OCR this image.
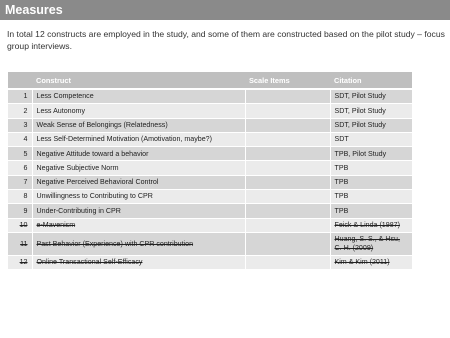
Measures
In total 12 constructs are employed in the study, and some of them are constructed based on the pilot study – focus group interviews.
	Construct	Scale Items	Citation
1	Less Competence		SDT, Pilot Study
2	Less Autonomy		SDT, Pilot Study
3	Weak Sense of Belongings (Relatedness)		SDT, Pilot Study
4	Less Self-Determined Motivation (Amotivation, maybe?)		SDT
5	Negative Attitude toward a behavior		TPB, Pilot Study
6	Negative Subjective Norm		TPB
7	Negative Perceived Behavioral Control		TPB
8	Unwillingness to Contributing to CPR		TPB
9	Under-Contributing in CPR		TPB
10	e-Mavenism		Feick & Linda (1987)
11	Past Behavior (Experience) with CPR contribution		Huang, S. S., & Hsu, C. H. (2009)
12	Online Transactional Self-Efficacy		Kim & Kim (2011)
